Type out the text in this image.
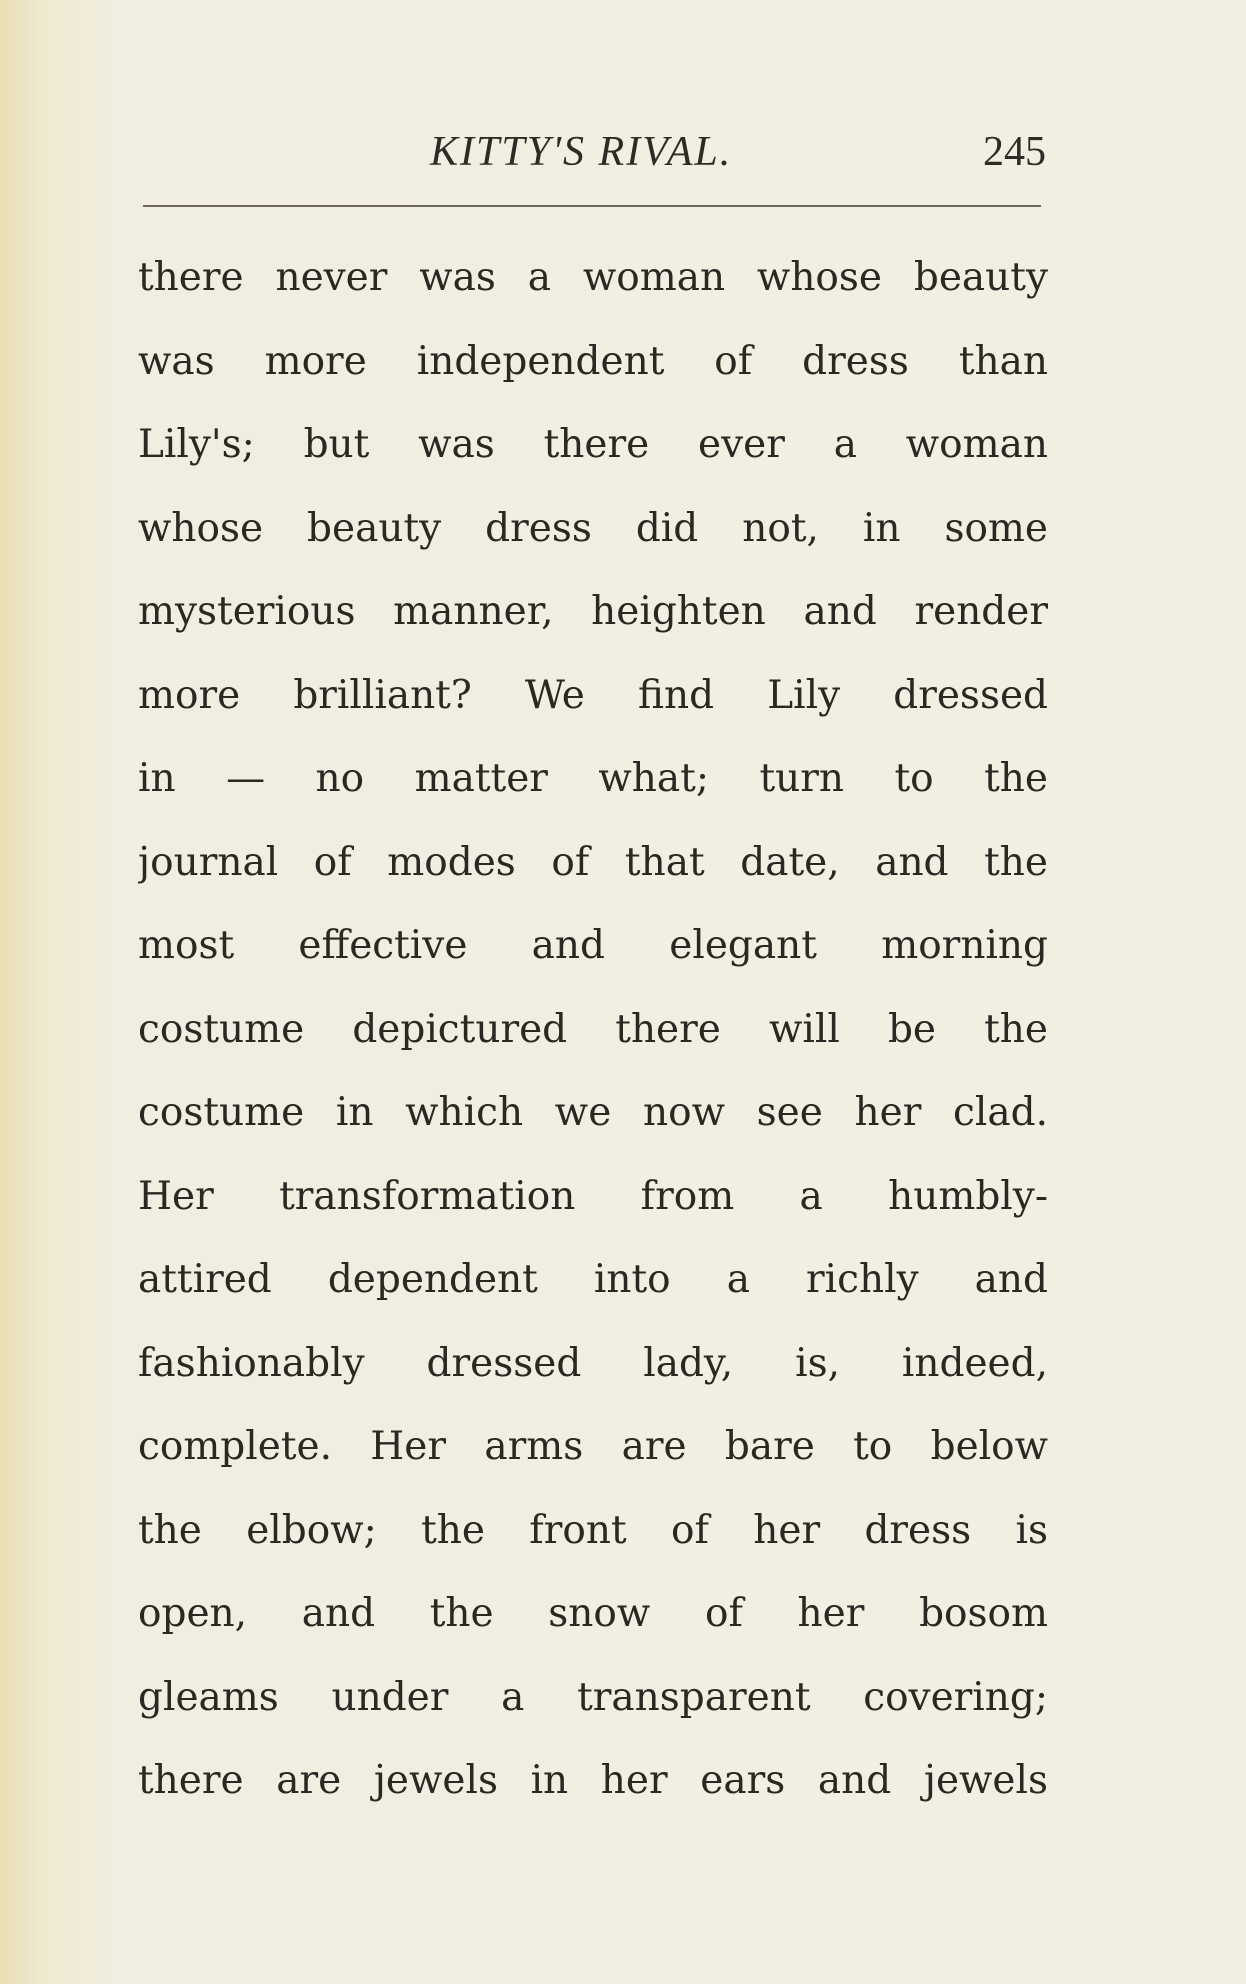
KITTY'S RIVAL.	245
there never was a woman whose beauty
was more independent of dress than
Lily's; but was there ever a woman
whose beauty dress did not, in some
mysterious manner, heighten and render
more brilliant? We find Lily dressed
in — no matter what; turn to the
journal of modes of that date, and the
most effective and elegant morning
costume depictured there will be the
costume in which we now see her clad.
Her transformation from a humbly-
attired dependent into a richly and
fashionably dressed lady, is, indeed,
complete. Her arms are bare to below
the elbow; the front of her dress is
open, and the snow of her bosom
gleams under a transparent covering;
there are jewels in her ears and jewels
